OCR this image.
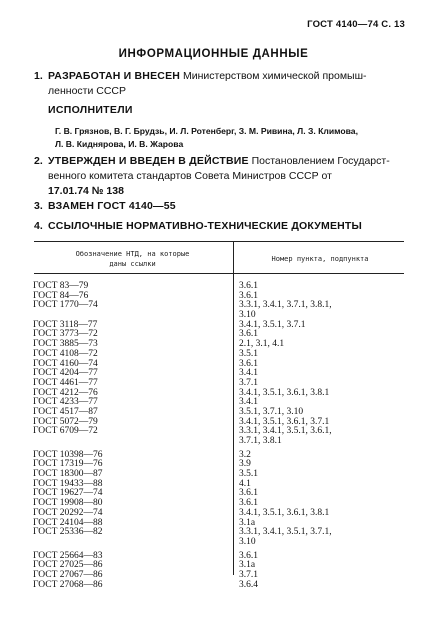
ГОСТ 4140—74 С. 13
ИНФОРМАЦИОННЫЕ ДАННЫЕ
1. РАЗРАБОТАН И ВНЕСЕН Министерством химической промыш-
ленности СССР
ИСПОЛНИТЕЛИ
Г. В. Грязнов, В. Г. Брудзь, И. Л. Ротенберг, З. М. Ривина, Л. З. Климова,
Л. В. Киднярова, И. В. Жарова
2. УТВЕРЖДЕН И ВВЕДЕН В ДЕЙСТВИЕ Постановлением Государст-
венного комитета стандартов Совета Министров СССР от
17.01.74 № 138
3. ВЗАМЕН ГОСТ 4140—55
4. ССЫЛОЧНЫЕ НОРМАТИВНО-ТЕХНИЧЕСКИЕ ДОКУМЕНТЫ
Обозначение НТД, на которые
даны ссылки
Номер пункта, подпункта
ГОСТ 83—79
ГОСТ 84—76
ГОСТ 1770—74
ГОСТ 3118—77
ГОСТ 3773—72
ГОСТ 3885—73
ГОСТ 4108—72
ГОСТ 4160—74
ГОСТ 4204—77
ГОСТ 4461—77
ГОСТ 4212—76
ГОСТ 4233—77
ГОСТ 4517—87
ГОСТ 5072—79
ГОСТ 6709—72
ГОСТ 10398—76
ГОСТ 17319—76
ГОСТ 18300—87
ГОСТ 19433—88
ГОСТ 19627—74
ГОСТ 19908—80
ГОСТ 20292—74
ГОСТ 24104—88
ГОСТ 25336—82
ГОСТ 25664—83
ГОСТ 27025—86
ГОСТ 27067—86
ГОСТ 27068—86
3.6.1
3.6.1
3.3.1, 3.4.1, 3.7.1, 3.8.1,
3.10
3.4.1, 3.5.1, 3.7.1
3.6.1
2.1, 3.1, 4.1
3.5.1
3.6.1
3.4.1
3.7.1
3.4.1, 3.5.1, 3.6.1, 3.8.1
3.4.1
3.5.1, 3.7.1, 3.10
3.4.1, 3.5.1, 3.6.1, 3.7.1
3.3.1, 3.4.1, 3.5.1, 3.6.1,
3.7.1, 3.8.1
3.2
3.9
3.5.1
4.1
3.6.1
3.6.1
3.4.1, 3.5.1, 3.6.1, 3.8.1
3.1а
3.3.1, 3.4.1, 3.5.1, 3.7.1,
3.10
3.6.1
3.1а
3.7.1
3.6.4
